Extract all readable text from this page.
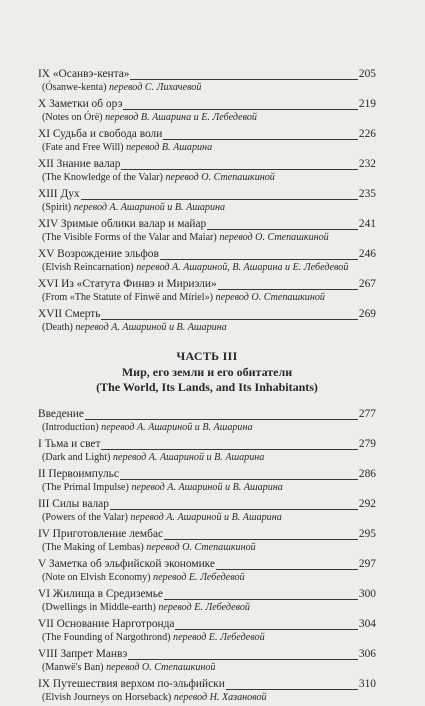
IX «Осанвэ-кента»	205
(Ósanwe-kenta) перевод С. Лихачевой
X Заметки об орэ	219
(Notes on Órë) перевод В. Ашарина и Е. Лебедевой
XI Судьба и свобода воли	226
(Fate and Free Will) перевод В. Ашарина
XII Знание валар	232
(The Knowledge of the Valar) перевод О. Степашкиной
XIII Дух	235
(Spirit) перевод А. Ашариной и В. Ашарина
XIV Зримые облики валар и майар	241
(The Visible Forms of the Valar and Maiar) перевод О. Степашкиной
XV Возрождение эльфов	246
(Elvish Reincarnation) перевод А. Ашариной, В. Ашарина и Е. Лебедевой
XVI Из «Статута Финвэ и Мириэли»	267
(From «The Statute of Finwë and Míriel») перевод О. Степашкиной
XVII Смерть	269
(Death) перевод А. Ашариной и В. Ашарина
ЧАСТЬ III
Мир, его земли и его обитатели
(The World, Its Lands, and Its Inhabitants)
Введение	277
(Introduction) перевод А. Ашариной и В. Ашарина
I Тьма и свет	279
(Dark and Light) перевод А. Ашариной и В. Ашарина
II Первоимпульс	286
(The Primal Impulse) перевод А. Ашариной и В. Ашарина
III Силы валар	292
(Powers of the Valar) перевод А. Ашариной и В. Ашарина
IV Приготовление лембас	295
(The Making of Lembas) перевод О. Степашкиной
V Заметка об эльфийской экономике	297
(Note on Elvish Economy) перевод Е. Лебедевой
VI Жилища в Средиземье	300
(Dwellings in Middle-earth) перевод Е. Лебедевой
VII Основание Нарготронда	304
(The Founding of Nargothrond) перевод Е. Лебедевой
VIII Запрет Манвэ	306
(Manwë's Ban) перевод О. Степашкиной
IX Путешествия верхом по-эльфийски	310
(Elvish Journeys on Horseback) перевод Н. Хазановой
